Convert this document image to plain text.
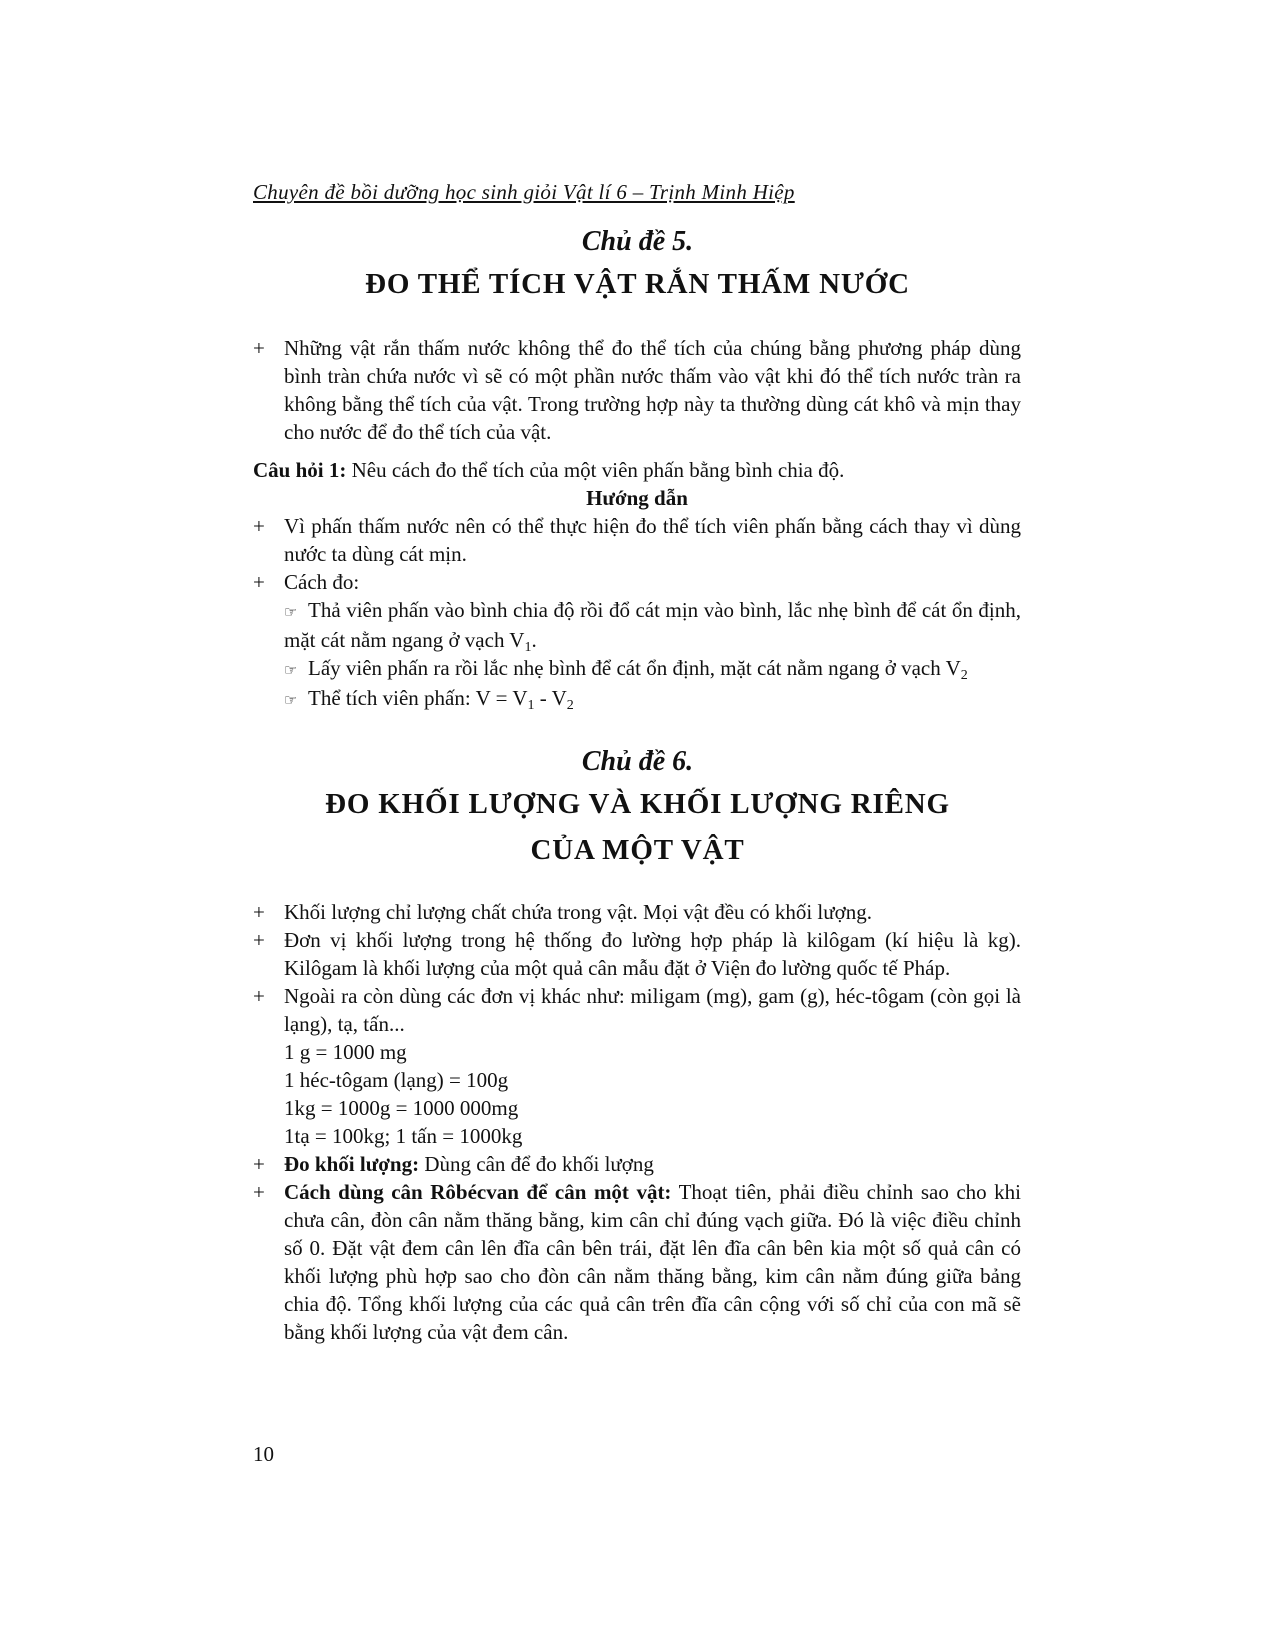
Chuyên đề bồi dưỡng học sinh giỏi Vật lí 6 – Trịnh Minh Hiệp
Chủ đề 5.
ĐO THỂ TÍCH VẬT RẮN THẤM NƯỚC

+ Những vật rắn thấm nước không thể đo thể tích của chúng bằng phương pháp dùng bình tràn chứa nước vì sẽ có một phần nước thấm vào vật khi đó thể tích nước tràn ra không bằng thể tích của vật. Trong trường hợp này ta thường dùng cát khô và mịn thay cho nước để đo thể tích của vật.

Câu hỏi 1: Nêu cách đo thể tích của một viên phấn bằng bình chia độ.

Hướng dẫn

+ Vì phấn thấm nước nên có thể thực hiện đo thể tích viên phấn bằng cách thay vì dùng nước ta dùng cát mịn.

+ Cách đo:

☞ Thả viên phấn vào bình chia độ rồi đổ cát mịn vào bình, lắc nhẹ bình để cát ổn định, mặt cát nằm ngang ở vạch $V_1$.

☞ Lấy viên phấn ra rồi lắc nhẹ bình để cát ổn định, mặt cát nằm ngang ở vạch $V_2$

☞ Thể tích viên phấn: $V = V_1 - V_2$

Chủ đề 6.
ĐO KHỐI LƯỢNG VÀ KHỐI LƯỢNG RIÊNG
CỦA MỘT VẬT

+ Khối lượng chỉ lượng chất chứa trong vật. Mọi vật đều có khối lượng.

+ Đơn vị khối lượng trong hệ thống đo lường hợp pháp là kilôgam (kí hiệu là kg). Kilôgam là khối lượng của một quả cân mẫu đặt ở Viện đo lường quốc tế Pháp.

+ Ngoài ra còn dùng các đơn vị khác như: miligam (mg), gam (g), héc-tôgam (còn gọi là lạng), tạ, tấn...

1 g = 1000 mg

1 héc-tôgam (lạng) = 100g

1kg = 1000g = 1000 000mg

1tạ = 100kg; 1 tấn = 1000kg

+ Đo khối lượng: Dùng cân để đo khối lượng

+ Cách dùng cân Rôbécvan để cân một vật: Thoạt tiên, phải điều chỉnh sao cho khi chưa cân, đòn cân nằm thăng bằng, kim cân chỉ đúng vạch giữa. Đó là việc điều chỉnh số 0. Đặt vật đem cân lên đĩa cân bên trái, đặt lên đĩa cân bên kia một số quả cân có khối lượng phù hợp sao cho đòn cân nằm thăng bằng, kim cân nằm đúng giữa bảng chia độ. Tổng khối lượng của các quả cân trên đĩa cân cộng với số chỉ của con mã sẽ bằng khối lượng của vật đem cân.

10
